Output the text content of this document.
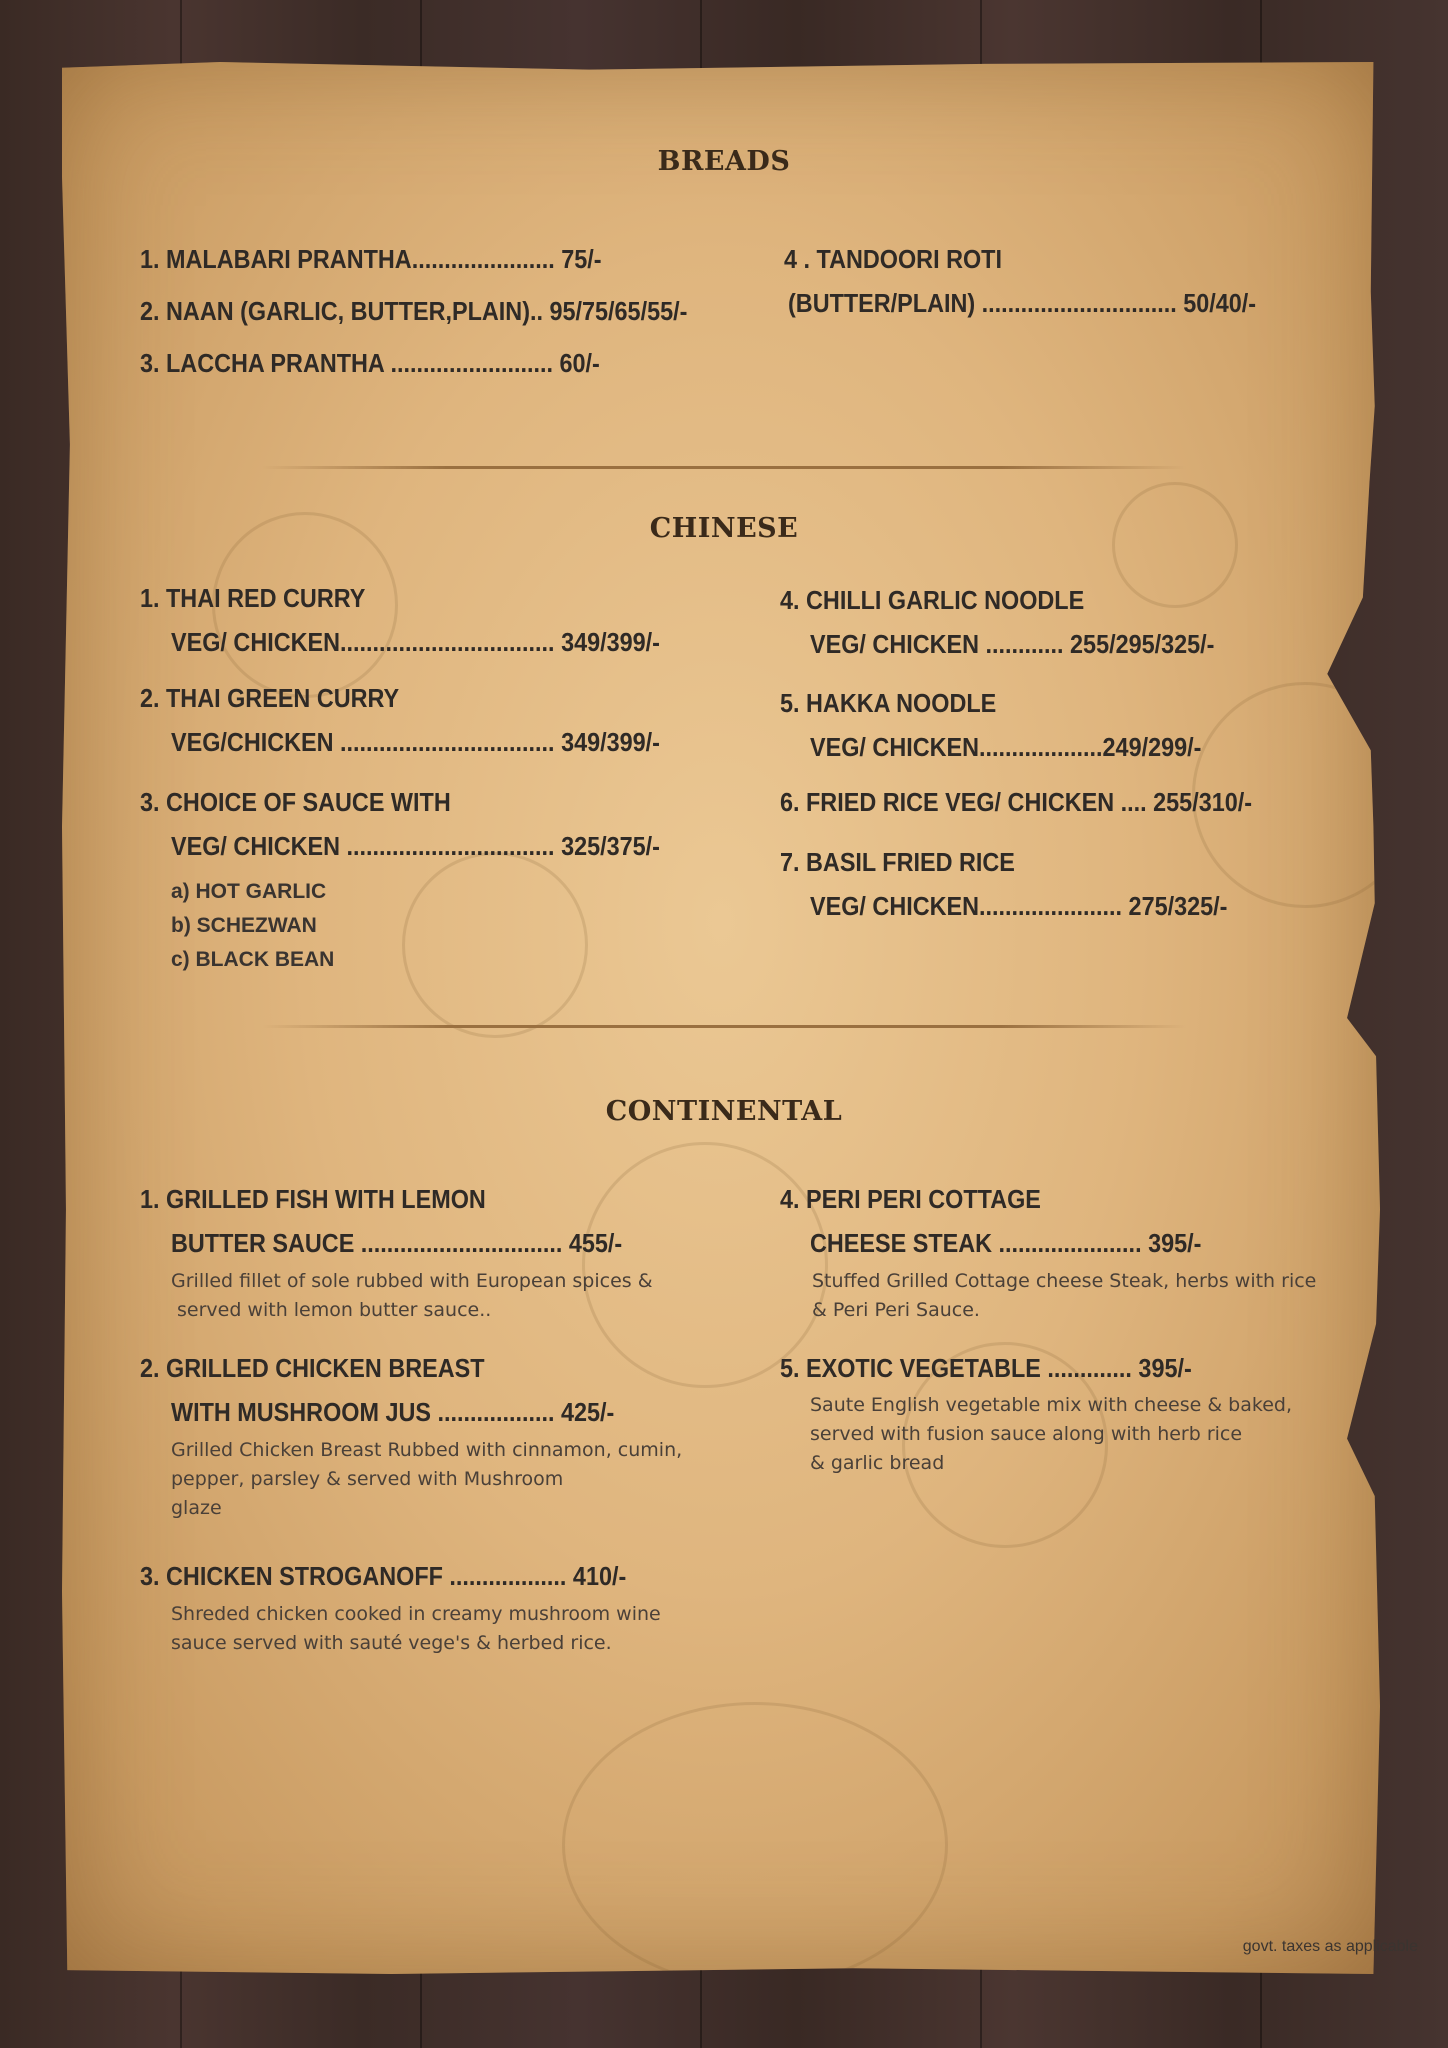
BREADS
1. MALABARI PRANTHA...................... 75/-
2. NAAN (GARLIC, BUTTER,PLAIN).. 95/75/65/55/-
3. LACCHA PRANTHA ......................... 60/-
4 . TANDOORI ROTI
(BUTTER/PLAIN) .............................. 50/40/-
CHINESE
1. THAI RED CURRY
VEG/ CHICKEN................................. 349/399/-
2. THAI GREEN CURRY
VEG/CHICKEN ................................. 349/399/-
3. CHOICE OF SAUCE WITH
VEG/ CHICKEN ................................ 325/375/-
a) HOT GARLIC
b) SCHEZWAN
c) BLACK BEAN
4. CHILLI GARLIC NOODLE
VEG/ CHICKEN ............ 255/295/325/-
5. HAKKA NOODLE
VEG/ CHICKEN...................249/299/-
6. FRIED RICE VEG/ CHICKEN .... 255/310/-
7. BASIL FRIED RICE
VEG/ CHICKEN...................... 275/325/-
CONTINENTAL
1. GRILLED FISH WITH LEMON
BUTTER SAUCE ............................... 455/-
Grilled fillet of sole rubbed with European spices &
served with lemon butter sauce..
2. GRILLED CHICKEN BREAST
WITH MUSHROOM JUS .................. 425/-
Grilled Chicken Breast Rubbed with cinnamon, cumin,
pepper, parsley & served with Mushroom
glaze
3. CHICKEN STROGANOFF .................. 410/-
Shreded chicken cooked in creamy mushroom wine
sauce served with sauté vege's & herbed rice.
4. PERI PERI COTTAGE
CHEESE STEAK ...................... 395/-
Stuffed Grilled Cottage cheese Steak, herbs with rice
& Peri Peri Sauce.
5. EXOTIC VEGETABLE ............. 395/-
Saute English vegetable mix with cheese & baked,
served with fusion sauce along with herb rice
& garlic bread
govt. taxes as applicable
